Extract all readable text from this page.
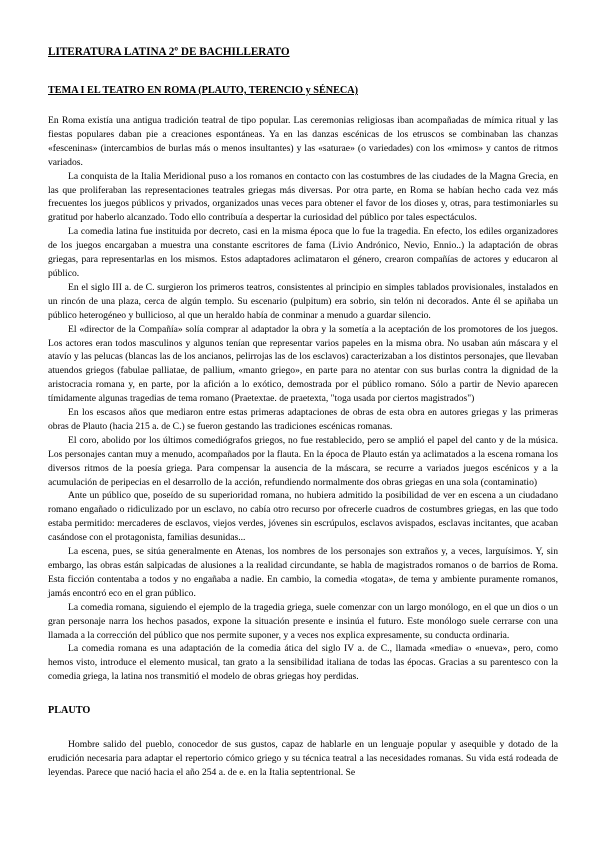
LITERATURA LATINA 2º DE BACHILLERATO
TEMA I EL TEATRO EN ROMA (PLAUTO, TERENCIO y SÉNECA)

En Roma existía una antigua tradición teatral de tipo popular. Las ceremonias religiosas iban acompañadas de mímica ritual y las fiestas populares daban pie a creaciones espontáneas. Ya en las danzas escénicas de los etruscos se combinaban las chanzas «fesceninas» (intercambios de burlas más o menos insultantes) y las «saturae» (o variedades) con los «mimos» y cantos de ritmos variados.

La conquista de la Italia Meridional puso a los romanos en contacto con las costumbres de las ciudades de la Magna Grecia, en las que proliferaban las representaciones teatrales griegas más diversas. Por otra parte, en Roma se habían hecho cada vez más frecuentes los juegos públicos y privados, organizados unas veces para obtener el favor de los dioses y, otras, para testimoniarles su gratitud por haberlo alcanzado. Todo ello contribuía a despertar la curiosidad del público por tales espectáculos.

La comedia latina fue instituida por decreto, casi en la misma época que lo fue la tragedia. En efecto, los ediles organizadores de los juegos encargaban a muestra una constante escritores de fama (Livio Andrónico, Nevio, Ennio..) la adaptación de obras griegas, para representarlas en los mismos. Estos adaptadores aclimataron el género, crearon compañías de actores y educaron al público.

En el siglo III a. de C. surgieron los primeros teatros, consistentes al principio en simples tablados provisionales, instalados en un rincón de una plaza, cerca de algún templo. Su escenario (pulpitum) era sobrio, sin telón ni decorados. Ante él se apiñaba un público heterogéneo y bullicioso, al que un heraldo había de conminar a menudo a guardar silencio.

El «director de la Compañía» solía comprar al adaptador la obra y la sometía a la aceptación de los promotores de los juegos. Los actores eran todos masculinos y algunos tenían que representar varios papeles en la misma obra. No usaban aún máscara y el atavío y las pelucas (blancas las de los ancianos, pelirrojas las de los esclavos) caracterizaban a los distintos personajes, que llevaban atuendos griegos (fabulae palliatae, de pallium, «manto griego», en parte para no atentar con sus burlas contra la dignidad de la aristocracia romana y, en parte, por la afición a lo exótico, demostrada por el público romano. Sólo a partir de Nevio aparecen tímidamente algunas tragedias de tema romano (Praetextae. de praetexta, "toga usada por ciertos magistrados")

En los escasos años que mediaron entre estas primeras adaptaciones de obras de esta obra en autores griegas y las primeras obras de Plauto (hacia 215 a. de C.) se fueron gestando las tradiciones escénicas romanas.

El coro, abolido por los últimos comediógrafos griegos, no fue restablecido, pero se amplió el papel del canto y de la música. Los personajes cantan muy a menudo, acompañados por la flauta. En la época de Plauto están ya aclimatados a la escena romana los diversos ritmos de la poesía griega. Para compensar la ausencia de la máscara, se recurre a variados juegos escénicos y a la acumulación de peripecias en el desarrollo de la acción, refundiendo normalmente dos obras griegas en una sola (contaminatio)

Ante un público que, poseído de su superioridad romana, no hubiera admitido la posibilidad de ver en escena a un ciudadano romano engañado o ridiculizado por un esclavo, no cabía otro recurso por ofrecerle cuadros de costumbres griegas, en las que todo estaba permitido: mercaderes de esclavos, viejos verdes, jóvenes sin escrúpulos, esclavos avispados, esclavas incitantes, que acaban casándose con el protagonista, familias desunidas...

La escena, pues, se sitúa generalmente en Atenas, los nombres de los personajes son extraños y, a veces, larguísimos. Y, sin embargo, las obras están salpicadas de alusiones a la realidad circundante, se habla de magistrados romanos o de barrios de Roma. Esta ficción contentaba a todos y no engañaba a nadie. En cambio, la comedia «togata», de tema y ambiente puramente romanos, jamás encontró eco en el gran público.

La comedia romana, siguiendo el ejemplo de la tragedia griega, suele comenzar con un largo monólogo, en el que un dios o un gran personaje narra los hechos pasados, expone la situación presente e insinúa el futuro. Este monólogo suele cerrarse con una llamada a la corrección del público que nos permite suponer, y a veces nos explica expresamente, su conducta ordinaria.

La comedia romana es una adaptación de la comedia ática del siglo IV a. de C., llamada «media» o «nueva», pero, como hemos visto, introduce el elemento musical, tan grato a la sensibilidad italiana de todas las épocas. Gracias a su parentesco con la comedia griega, la latina nos transmitió el modelo de obras griegas hoy perdidas.

PLAUTO

Hombre salido del pueblo, conocedor de sus gustos, capaz de hablarle en un lenguaje popular y asequible y dotado de la erudición necesaria para adaptar el repertorio cómico griego y su técnica teatral a las necesidades romanas. Su vida está rodeada de leyendas. Parece que nació hacia el año 254 a. de e. en la Italia septentrional. Se
